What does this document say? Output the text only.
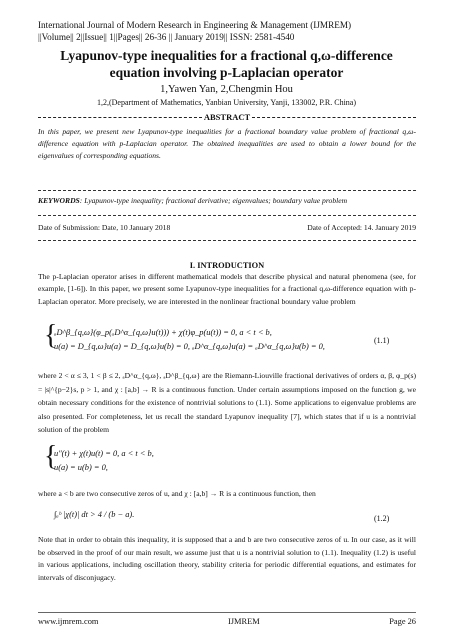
International Journal of Modern Research in Engineering & Management (IJMREM)
||Volume|| 2||Issue|| 1||Pages|| 26-36 || January 2019|| ISSN: 2581-4540
Lyapunov-type inequalities for a fractional q,ω-difference
equation involving p-Laplacian operator
1,Yawen Yan, 2,Chengmin Hou
1,2,(Department of Mathematics, Yanbian University, Yanji, 133002, P.R. China)
ABSTRACT
In this paper, we present new Lyapunov-type inequalities for a fractional boundary value problem of fractional q,ω-difference equation with p-Laplacian operator. The obtained inequalities are used to obtain a lower bound for the eigenvalues of corresponding equations.
KEYWORDS: Lyapunov-type inequality; fractional derivative; eigenvalues; boundary value problem
Date of Submission: Date, 10 January 2018	Date of Accepted: 14. January 2019
I. INTRODUCTION
The p-Laplacian operator arises in different mathematical models that describe physical and natural phenomena (see, for example, [1-6]). In this paper, we present some Lyapunov-type inequalities for a fractional q,ω-difference equation with p-Laplacian operator. More precisely, we are interested in the nonlinear fractional boundary value problem
{
ₐD^β_{q,ω}(φ_p(ₐD^α_{q,ω}u(t))) + χ(t)φ_p(u(t)) = 0, a < t < b,
u(a) = D_{q,ω}u(a) = D_{q,ω}u(b) = 0, ₐD^α_{q,ω}u(a) = ₐD^α_{q,ω}u(b) = 0,
(1.1)
where 2 < α ≤ 3, 1 < β ≤ 2, ₐD^α_{q,ω}, ₐD^β_{q,ω} are the Riemann-Liouville fractional derivatives of orders α, β, φ_p(s) = |s|^{p−2}s, p > 1, and χ : [a,b] → R is a continuous function. Under certain assumptions imposed on the function g, we obtain necessary conditions for the existence of nontrivial solutions to (1.1). Some applications to eigenvalue problems are also presented. For completeness, let us recall the standard Lyapunov inequality [7], which states that if u is a nontrivial solution of the problem
{
u″(t) + χ(t)u(t) = 0, a < t < b,
u(a) = u(b) = 0,
where a < b are two consecutive zeros of u, and χ : [a,b] → R is a continuous function, then
∫ₐᵇ |χ(t)| dt > 4 / (b − a).	(1.2)
Note that in order to obtain this inequality, it is supposed that a and b are two consecutive zeros of u. In our case, as it will be observed in the proof of our main result, we assume just that u is a nontrivial solution to (1.1). Inequality (1.2) is useful in various applications, including oscillation theory, stability criteria for periodic differential equations, and estimates for intervals of disconjugacy.
www.ijmrem.com	IJMREM	Page 26
